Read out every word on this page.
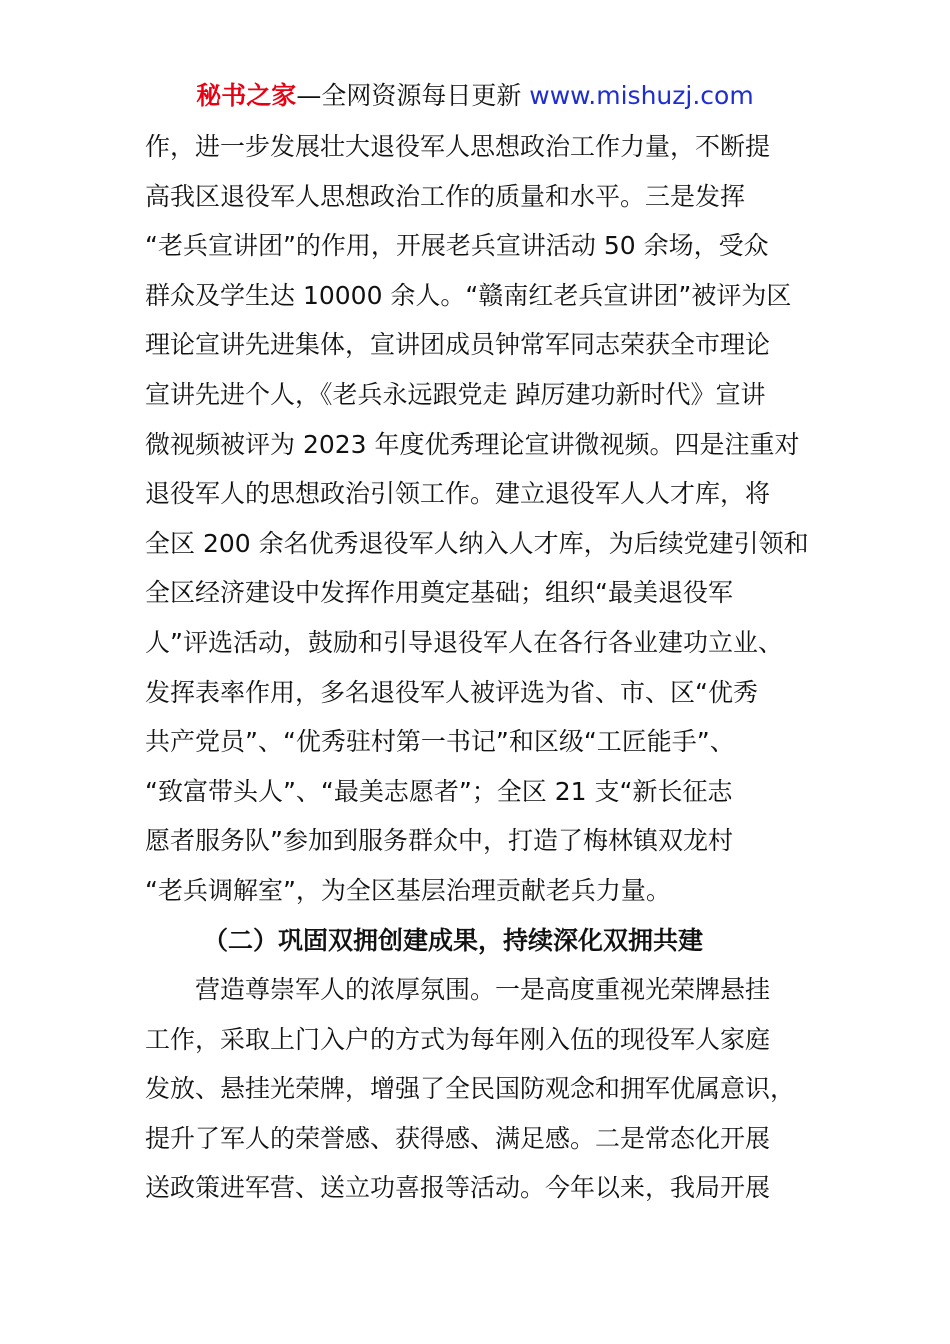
秘书之家—全网资源每日更新 www.mishuzj.com
作，进一步发展壮大退役军人思想政治工作力量，不断提
高我区退役军人思想政治工作的质量和水平。三是发挥
“老兵宣讲团”的作用，开展老兵宣讲活动 50 余场，受众
群众及学生达 10000 余人。“赣南红老兵宣讲团”被评为区
理论宣讲先进集体，宣讲团成员钟常军同志荣获全市理论
宣讲先进个人，《老兵永远跟党走 踔厉建功新时代》宣讲
微视频被评为 2023 年度优秀理论宣讲微视频。四是注重对
退役军人的思想政治引领工作。建立退役军人人才库，将
全区 200 余名优秀退役军人纳入人才库，为后续党建引领和
全区经济建设中发挥作用奠定基础；组织“最美退役军
人”评选活动，鼓励和引导退役军人在各行各业建功立业、
发挥表率作用，多名退役军人被评选为省、市、区“优秀
共产党员”、“优秀驻村第一书记”和区级“工匠能手”、
“致富带头人”、“最美志愿者”；全区 21 支“新长征志
愿者服务队”参加到服务群众中，打造了梅林镇双龙村
“老兵调解室”，为全区基层治理贡献老兵力量。
（二）巩固双拥创建成果，持续深化双拥共建
营造尊崇军人的浓厚氛围。一是高度重视光荣牌悬挂
工作，采取上门入户的方式为每年刚入伍的现役军人家庭
发放、悬挂光荣牌，增强了全民国防观念和拥军优属意识，
提升了军人的荣誉感、获得感、满足感。二是常态化开展
送政策进军营、送立功喜报等活动。今年以来，我局开展
